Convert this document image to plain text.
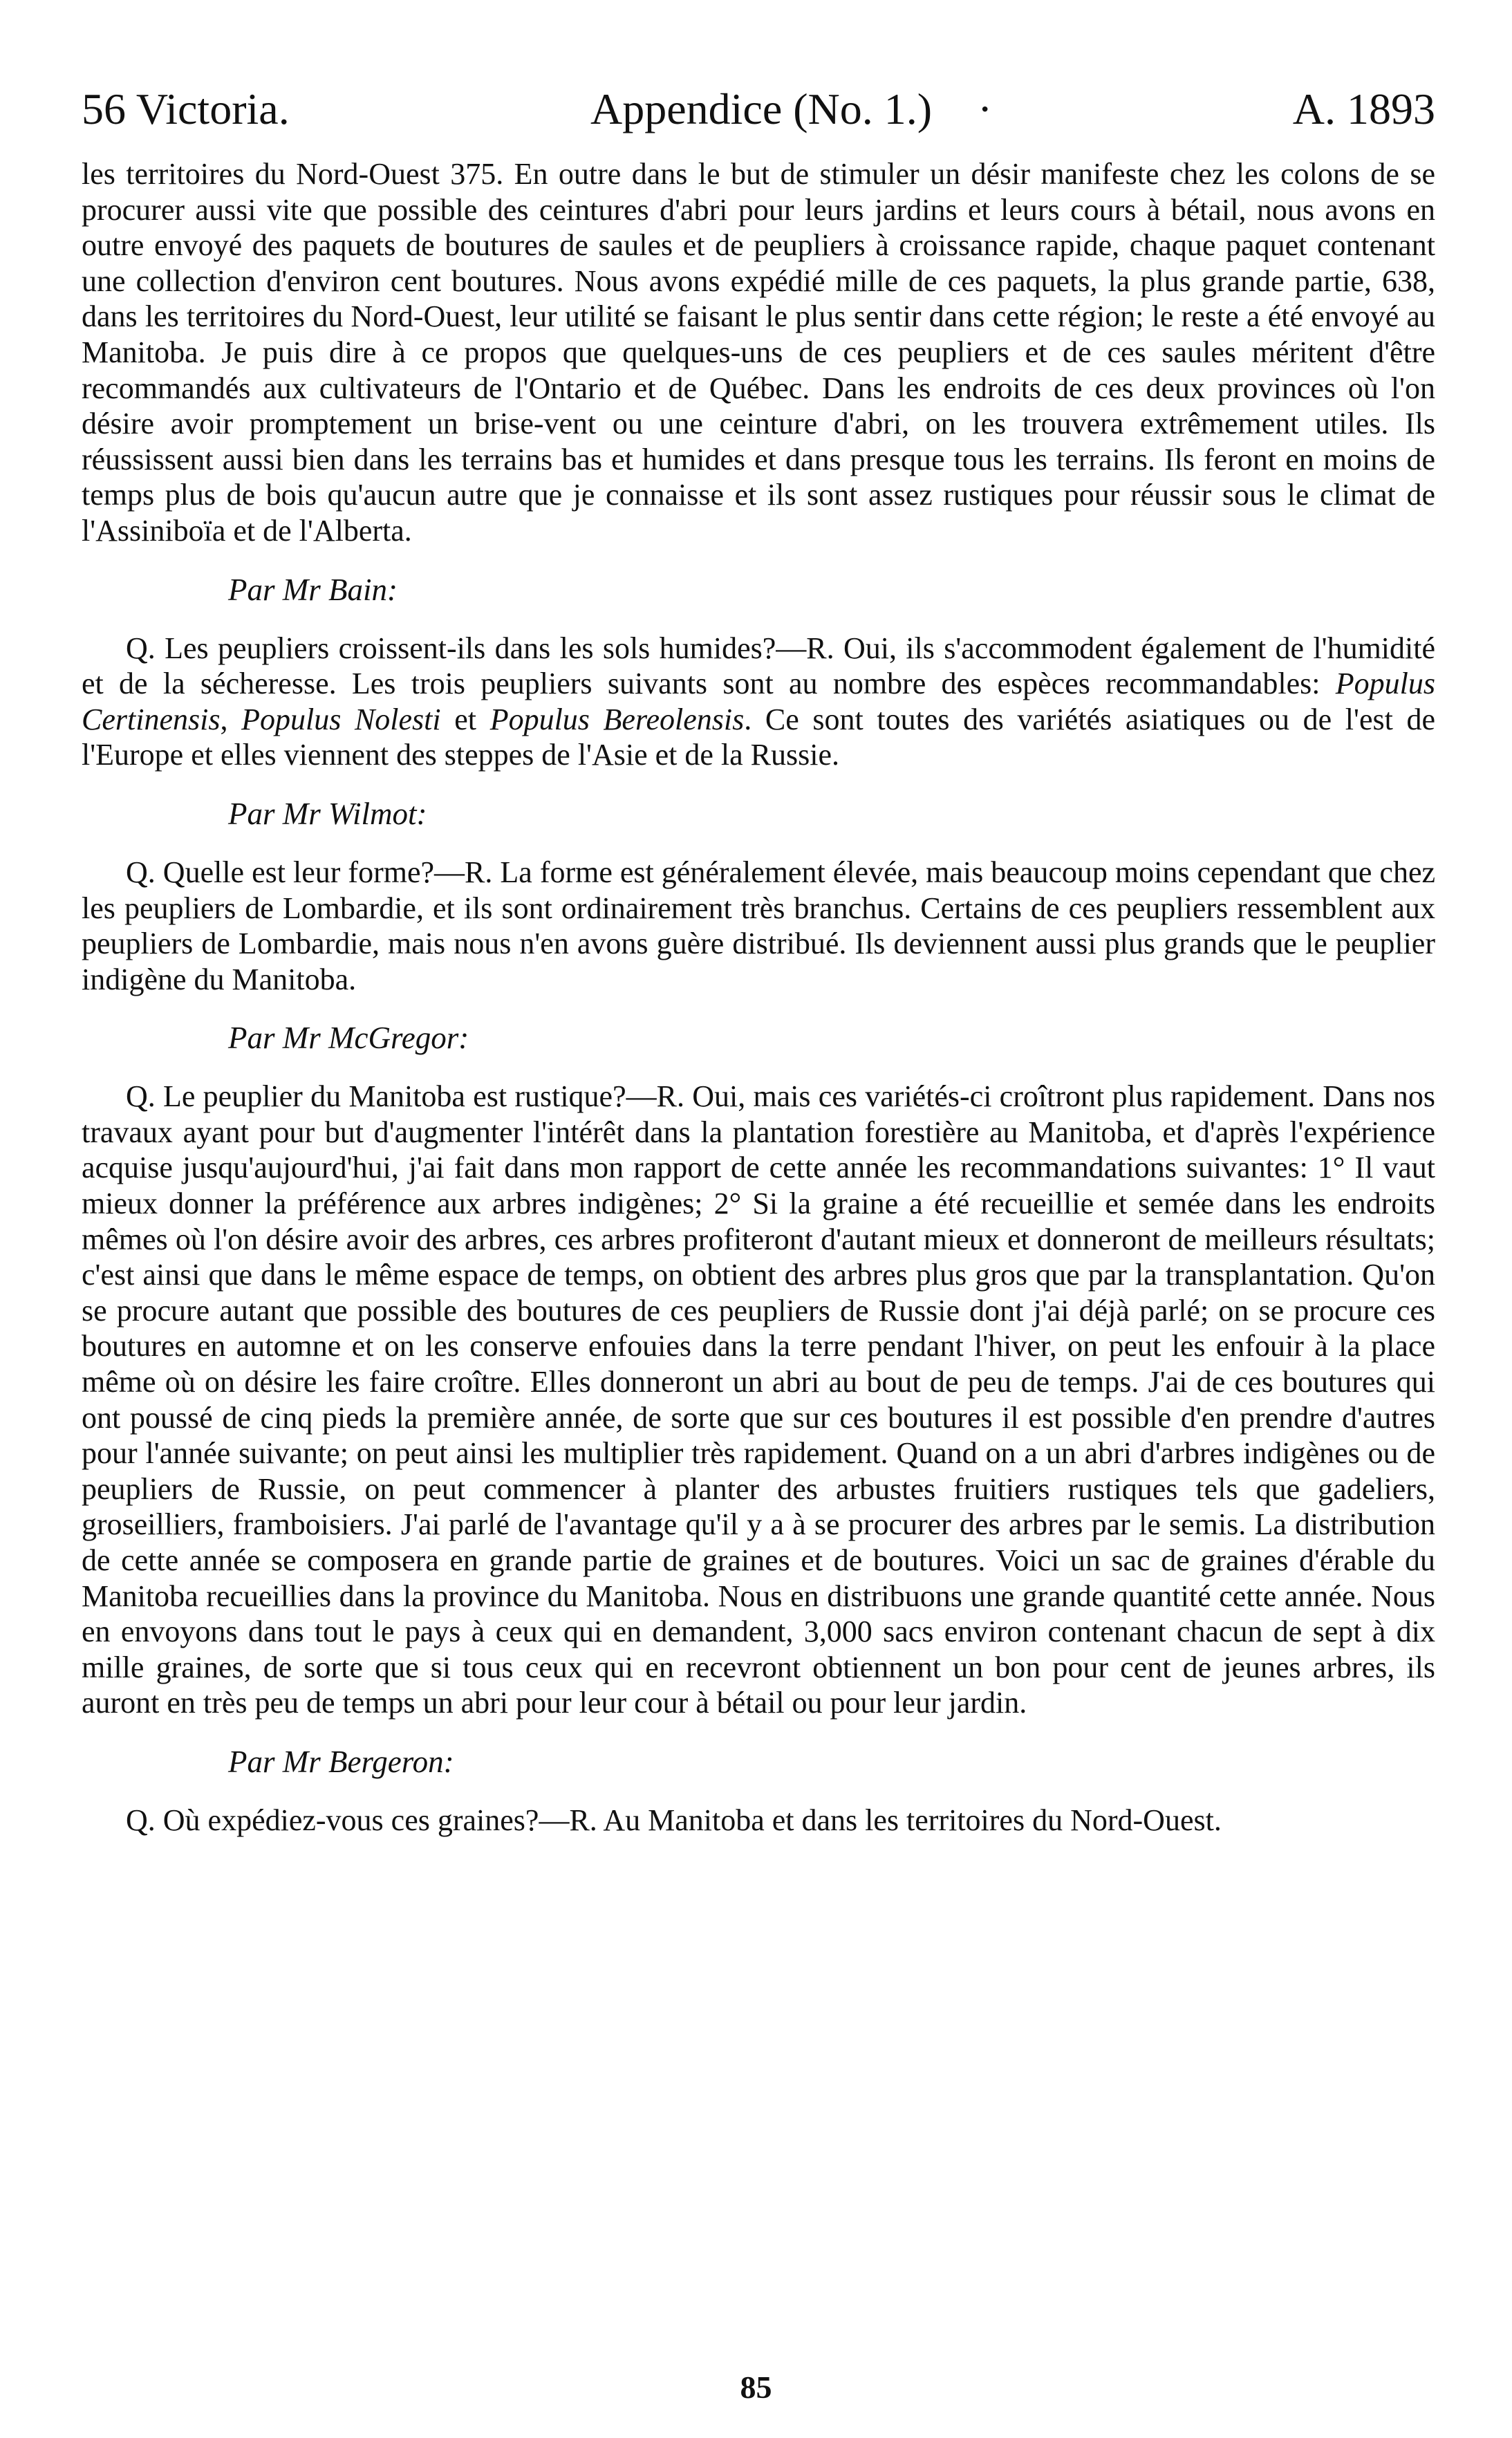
56 Victoria.	Appendice (No. 1.) ·	A. 1893

les territoires du Nord-Ouest 375. En outre dans le but de stimuler un désir manifeste chez les colons de se procurer aussi vite que possible des ceintures d'abri pour leurs jardins et leurs cours à bétail, nous avons en outre envoyé des paquets de boutures de saules et de peupliers à croissance rapide, chaque paquet contenant une collection d'environ cent boutures. Nous avons expédié mille de ces paquets, la plus grande partie, 638, dans les territoires du Nord-Ouest, leur utilité se faisant le plus sentir dans cette région; le reste a été envoyé au Manitoba. Je puis dire à ce propos que quelques-uns de ces peupliers et de ces saules méritent d'être recommandés aux cultivateurs de l'Ontario et de Québec. Dans les endroits de ces deux provinces où l'on désire avoir promptement un brise-vent ou une ceinture d'abri, on les trouvera extrêmement utiles. Ils réussissent aussi bien dans les terrains bas et humides et dans presque tous les terrains. Ils feront en moins de temps plus de bois qu'aucun autre que je connaisse et ils sont assez rustiques pour réussir sous le climat de l'Assiniboïa et de l'Alberta.

Par Mr Bain:

Q. Les peupliers croissent-ils dans les sols humides?—R. Oui, ils s'accommodent également de l'humidité et de la sécheresse. Les trois peupliers suivants sont au nombre des espèces recommandables: Populus Certinensis, Populus Nolesti et Populus Bereolensis. Ce sont toutes des variétés asiatiques ou de l'est de l'Europe et elles viennent des steppes de l'Asie et de la Russie.

Par Mr Wilmot:

Q. Quelle est leur forme?—R. La forme est généralement élevée, mais beaucoup moins cependant que chez les peupliers de Lombardie, et ils sont ordinairement très branchus. Certains de ces peupliers ressemblent aux peupliers de Lombardie, mais nous n'en avons guère distribué. Ils deviennent aussi plus grands que le peuplier indigène du Manitoba.

Par Mr McGregor:

Q. Le peuplier du Manitoba est rustique?—R. Oui, mais ces variétés-ci croîtront plus rapidement. Dans nos travaux ayant pour but d'augmenter l'intérêt dans la plantation forestière au Manitoba, et d'après l'expérience acquise jusqu'aujourd'hui, j'ai fait dans mon rapport de cette année les recommandations suivantes: 1° Il vaut mieux donner la préférence aux arbres indigènes; 2° Si la graine a été recueillie et semée dans les endroits mêmes où l'on désire avoir des arbres, ces arbres profiteront d'autant mieux et donneront de meilleurs résultats; c'est ainsi que dans le même espace de temps, on obtient des arbres plus gros que par la transplantation. Qu'on se procure autant que possible des boutures de ces peupliers de Russie dont j'ai déjà parlé; on se procure ces boutures en automne et on les conserve enfouies dans la terre pendant l'hiver, on peut les enfouir à la place même où on désire les faire croître. Elles donneront un abri au bout de peu de temps. J'ai de ces boutures qui ont poussé de cinq pieds la première année, de sorte que sur ces boutures il est possible d'en prendre d'autres pour l'année suivante; on peut ainsi les multiplier très rapidement. Quand on a un abri d'arbres indigènes ou de peupliers de Russie, on peut commencer à planter des arbustes fruitiers rustiques tels que gadeliers, groseilliers, framboisiers. J'ai parlé de l'avantage qu'il y a à se procurer des arbres par le semis. La distribution de cette année se composera en grande partie de graines et de boutures. Voici un sac de graines d'érable du Manitoba recueillies dans la province du Manitoba. Nous en distribuons une grande quantité cette année. Nous en envoyons dans tout le pays à ceux qui en demandent, 3,000 sacs environ contenant chacun de sept à dix mille graines, de sorte que si tous ceux qui en recevront obtiennent un bon pour cent de jeunes arbres, ils auront en très peu de temps un abri pour leur cour à bétail ou pour leur jardin.

Par Mr Bergeron:

Q. Où expédiez-vous ces graines?—R. Au Manitoba et dans les territoires du Nord-Ouest.

85
